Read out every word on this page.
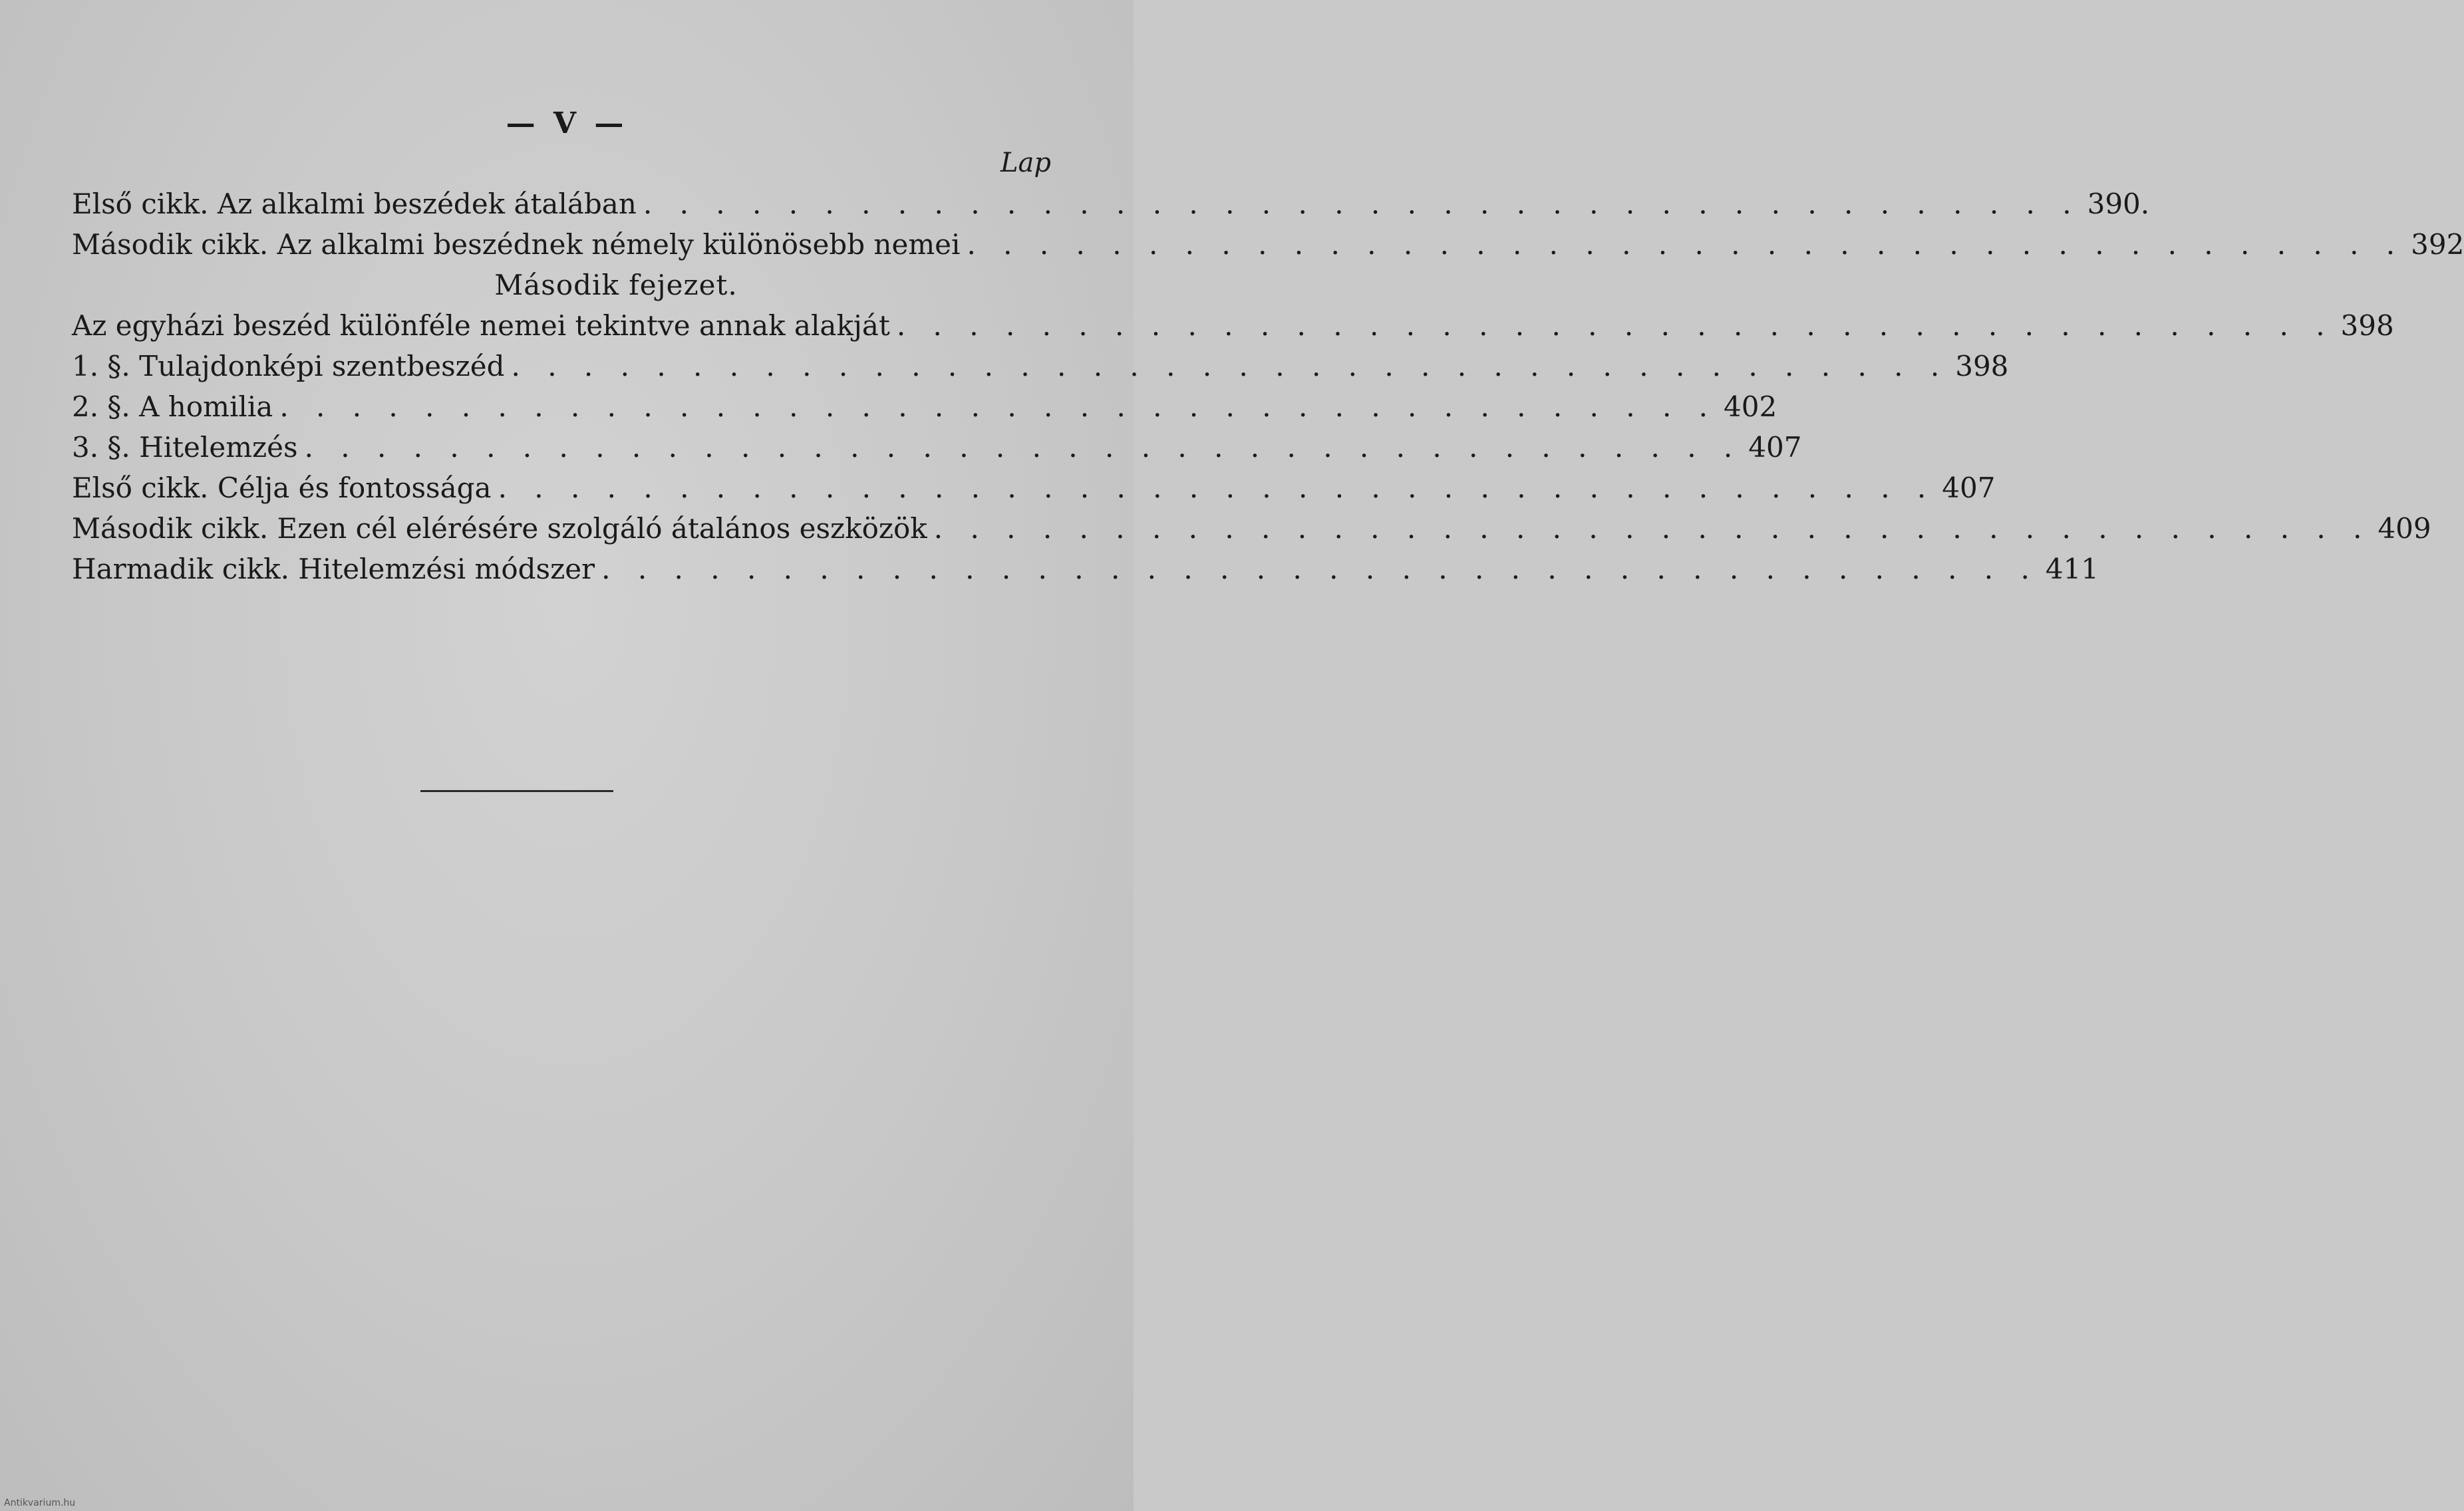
— V —
Lap
Első cikk. Az alkalmi beszédek átalában . . .	390.
Második cikk. Az alkalmi beszédnek némely különösebb nemei . . .	392
Második fejezet.
Az egyházi beszéd különféle nemei tekintve annak alakját . . .	398
1. §. Tulajdonképi szentbeszéd . . .	398
2. §. A homilia . . .	402
3. §. Hitelemzés . . .	407
Első cikk. Célja és fontossága . . .	407
Második cikk. Ezen cél elérésére szolgáló átalános eszközök . . .	409
Harmadik cikk. Hitelemzési módszer . . .	411
Antikvarium.hu
